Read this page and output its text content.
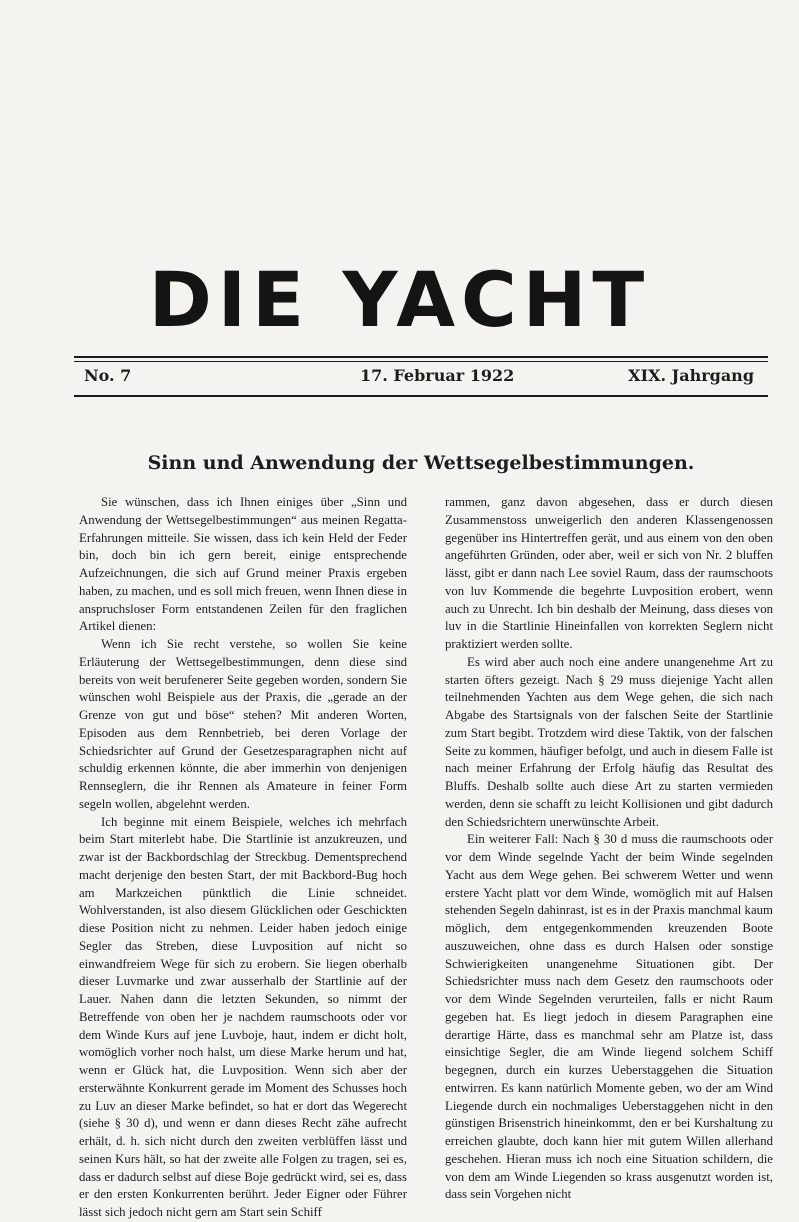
DIE YACHT
No. 7	17. Februar 1922	XIX. Jahrgang
Sinn und Anwendung der Wettsegelbestimmungen.

Sie wünschen, dass ich Ihnen einiges über „Sinn und Anwendung der Wettsegelbestimmungen“ aus meinen Regatta-Erfahrungen mitteile. Sie wissen, dass ich kein Held der Feder bin, doch bin ich gern bereit, einige entsprechende Aufzeichnungen, die sich auf Grund meiner Praxis ergeben haben, zu machen, und es soll mich freuen, wenn Ihnen diese in anspruchsloser Form entstandenen Zeilen für den fraglichen Artikel dienen:

Wenn ich Sie recht verstehe, so wollen Sie keine Erläuterung der Wettsegelbestimmungen, denn diese sind bereits von weit berufenerer Seite gegeben worden, sondern Sie wünschen wohl Beispiele aus der Praxis, die „gerade an der Grenze von gut und böse“ stehen? Mit anderen Worten, Episoden aus dem Rennbetrieb, bei deren Vorlage der Schiedsrichter auf Grund der Gesetzesparagraphen nicht auf schuldig erkennen könnte, die aber immerhin von denjenigen Rennseglern, die ihr Rennen als Amateure in feiner Form segeln wollen, abgelehnt werden.

Ich beginne mit einem Beispiele, welches ich mehrfach beim Start miterlebt habe. Die Startlinie ist anzukreuzen, und zwar ist der Backbordschlag der Streckbug. Dementsprechend macht derjenige den besten Start, der mit Backbord-Bug hoch am Markzeichen pünktlich die Linie schneidet. Wohlverstanden, ist also diesem Glücklichen oder Geschickten diese Position nicht zu nehmen. Leider haben jedoch einige Segler das Streben, diese Luvposition auf nicht so einwandfreiem Wege für sich zu erobern. Sie liegen oberhalb dieser Luvmarke und zwar ausserhalb der Startlinie auf der Lauer. Nahen dann die letzten Sekunden, so nimmt der Betreffende von oben her je nachdem raumschoots oder vor dem Winde Kurs auf jene Luvboje, haut, indem er dicht holt, womöglich vorher noch halst, um diese Marke herum und hat, wenn er Glück hat, die Luvposition. Wenn sich aber der ersterwähnte Konkurrent gerade im Moment des Schusses hoch zu Luv an dieser Marke befindet, so hat er dort das Wegerecht (siehe § 30 d), und wenn er dann dieses Recht zähe aufrecht erhält, d. h. sich nicht durch den zweiten verblüffen lässt und seinen Kurs hält, so hat der zweite alle Folgen zu tragen, sei es, dass er dadurch selbst auf diese Boje gedrückt wird, sei es, dass er den ersten Konkurrenten berührt. Jeder Eigner oder Führer lässt sich jedoch nicht gern am Start sein Schiff

rammen, ganz davon abgesehen, dass er durch diesen Zusammenstoss unweigerlich den anderen Klassengenossen gegenüber ins Hintertreffen gerät, und aus einem von den oben angeführten Gründen, oder aber, weil er sich von Nr. 2 bluffen lässt, gibt er dann nach Lee soviel Raum, dass der raumschoots von luv Kommende die begehrte Luvposition erobert, wenn auch zu Unrecht. Ich bin deshalb der Meinung, dass dieses von luv in die Startlinie Hineinfallen von korrekten Seglern nicht praktiziert werden sollte.

Es wird aber auch noch eine andere unangenehme Art zu starten öfters gezeigt. Nach § 29 muss diejenige Yacht allen teilnehmenden Yachten aus dem Wege gehen, die sich nach Abgabe des Startsignals von der falschen Seite der Startlinie zum Start begibt. Trotzdem wird diese Taktik, von der falschen Seite zu kommen, häufiger befolgt, und auch in diesem Falle ist nach meiner Erfahrung der Erfolg häufig das Resultat des Bluffs. Deshalb sollte auch diese Art zu starten vermieden werden, denn sie schafft zu leicht Kollisionen und gibt dadurch den Schiedsrichtern unerwünschte Arbeit.

Ein weiterer Fall: Nach § 30 d muss die raumschoots oder vor dem Winde segelnde Yacht der beim Winde segelnden Yacht aus dem Wege gehen. Bei schwerem Wetter und wenn erstere Yacht platt vor dem Winde, womöglich mit auf Halsen stehenden Segeln dahinrast, ist es in der Praxis manchmal kaum möglich, dem entgegenkommenden kreuzenden Boote auszuweichen, ohne dass es durch Halsen oder sonstige Schwierigkeiten unangenehme Situationen gibt. Der Schiedsrichter muss nach dem Gesetz den raumschoots oder vor dem Winde Segelnden verurteilen, falls er nicht Raum gegeben hat. Es liegt jedoch in diesem Paragraphen eine derartige Härte, dass es manchmal sehr am Platze ist, dass einsichtige Segler, die am Winde liegend solchem Schiff begegnen, durch ein kurzes Ueberstaggehen die Situation entwirren. Es kann natürlich Momente geben, wo der am Wind Liegende durch ein nochmaliges Ueberstaggehen nicht in den günstigen Brisenstrich hineinkommt, den er bei Kurshaltung zu erreichen glaubte, doch kann hier mit gutem Willen allerhand geschehen. Hieran muss ich noch eine Situation schildern, die von dem am Winde Liegenden so krass ausgenutzt worden ist, dass sein Vorgehen nicht
